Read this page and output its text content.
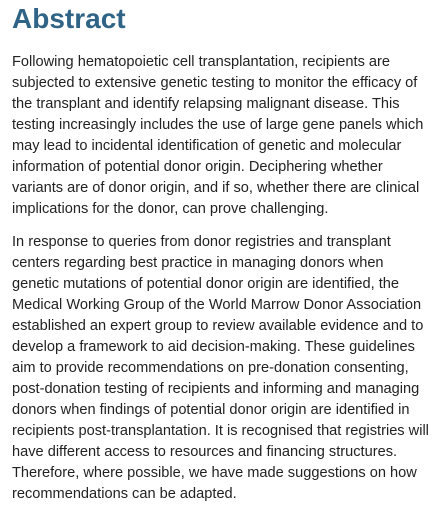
Abstract

Following hematopoietic cell transplantation, recipients are subjected to extensive genetic testing to monitor the efficacy of the transplant and identify relapsing malignant disease. This testing increasingly includes the use of large gene panels which may lead to incidental identification of genetic and molecular information of potential donor origin. Deciphering whether variants are of donor origin, and if so, whether there are clinical implications for the donor, can prove challenging.

In response to queries from donor registries and transplant centers regarding best practice in managing donors when genetic mutations of potential donor origin are identified, the Medical Working Group of the World Marrow Donor Association established an expert group to review available evidence and to develop a framework to aid decision-making. These guidelines aim to provide recommendations on pre-donation consenting, post-donation testing of recipients and informing and managing donors when findings of potential donor origin are identified in recipients post-transplantation. It is recognised that registries will have different access to resources and financing structures. Therefore, where possible, we have made suggestions on how recommendations can be adapted.
